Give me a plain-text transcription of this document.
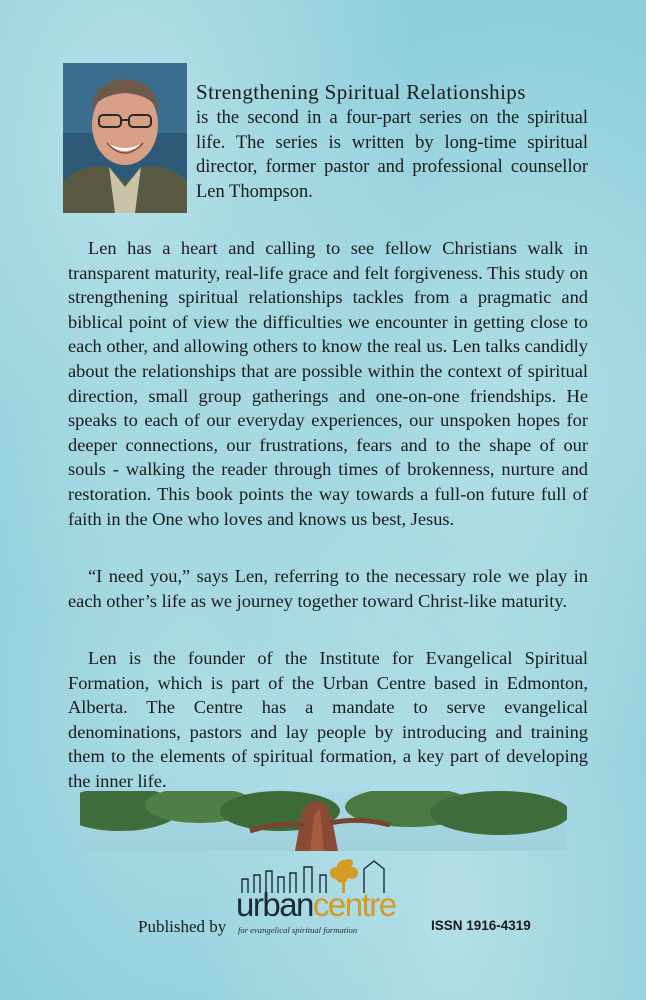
Strengthening Spiritual Relationships
is the second in a four-part series on the spiritual life. The series is written by long-time spiritual director, former pastor and professional counsellor Len Thompson.

Len has a heart and calling to see fellow Christians walk in transparent maturity, real-life grace and felt forgiveness. This study on strengthening spiritual relationships tackles from a pragmatic and biblical point of view the difficulties we encounter in getting close to each other, and allowing others to know the real us. Len talks candidly about the relationships that are possible within the context of spiritual direction, small group gatherings and one-on-one friendships. He speaks to each of our everyday experiences, our unspoken hopes for deeper connections, our frustrations, fears and to the shape of our souls - walking the reader through times of brokenness, nurture and restoration. This book points the way towards a full-on future full of faith in the One who loves and knows us best, Jesus.

“I need you,” says Len, referring to the necessary role we play in each other’s life as we journey together toward Christ-like maturity.

Len is the founder of the Institute for Evangelical Spiritual Formation, which is part of the Urban Centre based in Edmonton, Alberta. The Centre has a mandate to serve evangelical denominations, pastors and lay people by introducing and training them to the elements of spiritual formation, a key part of developing the inner life.

urbancentre
for evangelical spiritual formation
Published by	ISSN 1916-4319
